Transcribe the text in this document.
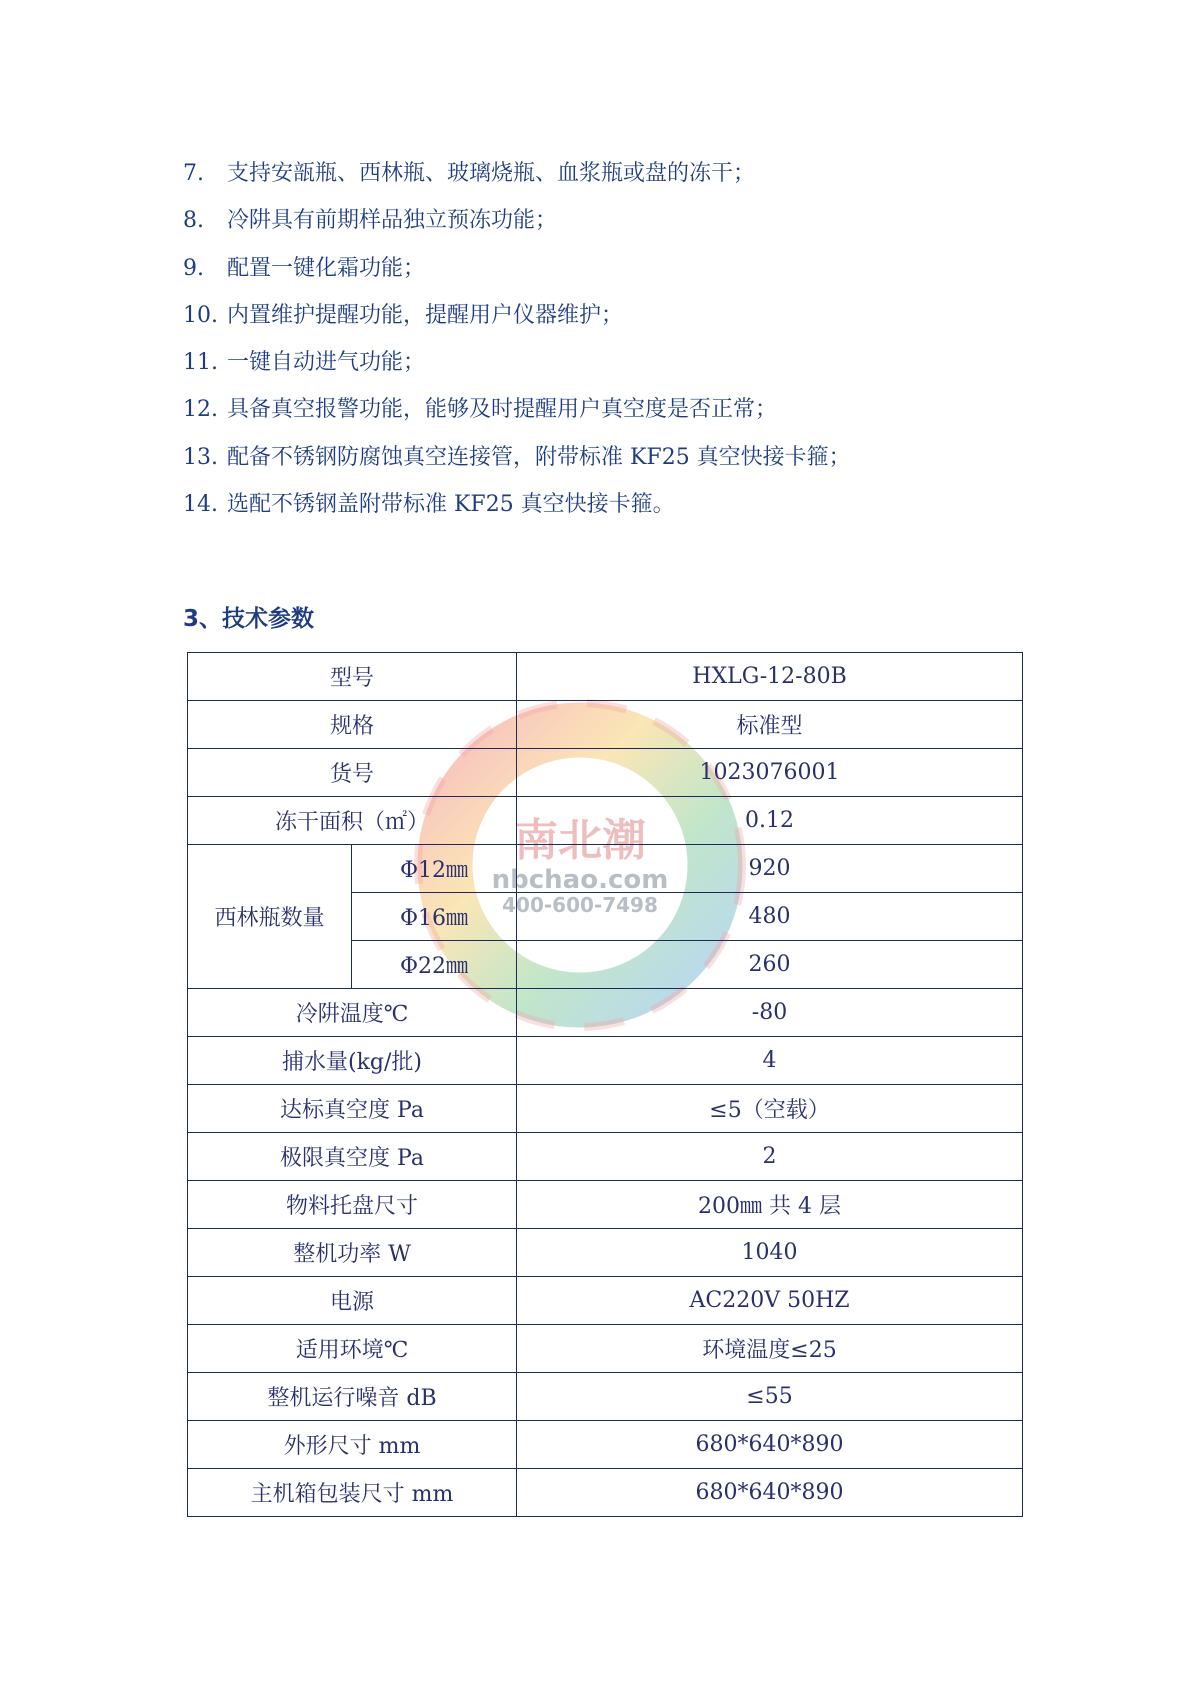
7. 支持安瓿瓶、西林瓶、玻璃烧瓶、血浆瓶或盘的冻干；
8. 冷阱具有前期样品独立预冻功能；
9. 配置一键化霜功能；
10. 内置维护提醒功能，提醒用户仪器维护；
11. 一键自动进气功能；
12. 具备真空报警功能，能够及时提醒用户真空度是否正常；
13. 配备不锈钢防腐蚀真空连接管，附带标准 KF25 真空快接卡箍；
14. 选配不锈钢盖附带标准 KF25 真空快接卡箍。
3、技术参数
南北潮
nbchao.com
400-600-7498
型号		HXLG-12-80B
规格		标准型
货号		1023076001
冻干面积（㎡）		0.12
西林瓶数量	Φ12㎜	920
	Φ16㎜	480
	Φ22㎜	260
冷阱温度℃		-80
捕水量(kg/批)		4
达标真空度 Pa		≤5（空载）
极限真空度 Pa		2
物料托盘尺寸		200㎜ 共 4 层
整机功率 W		1040
电源		AC220V 50HZ
适用环境℃		环境温度≤25
整机运行噪音 dB		≤55
外形尺寸 mm		680*640*890
主机箱包装尺寸 mm		680*640*890
